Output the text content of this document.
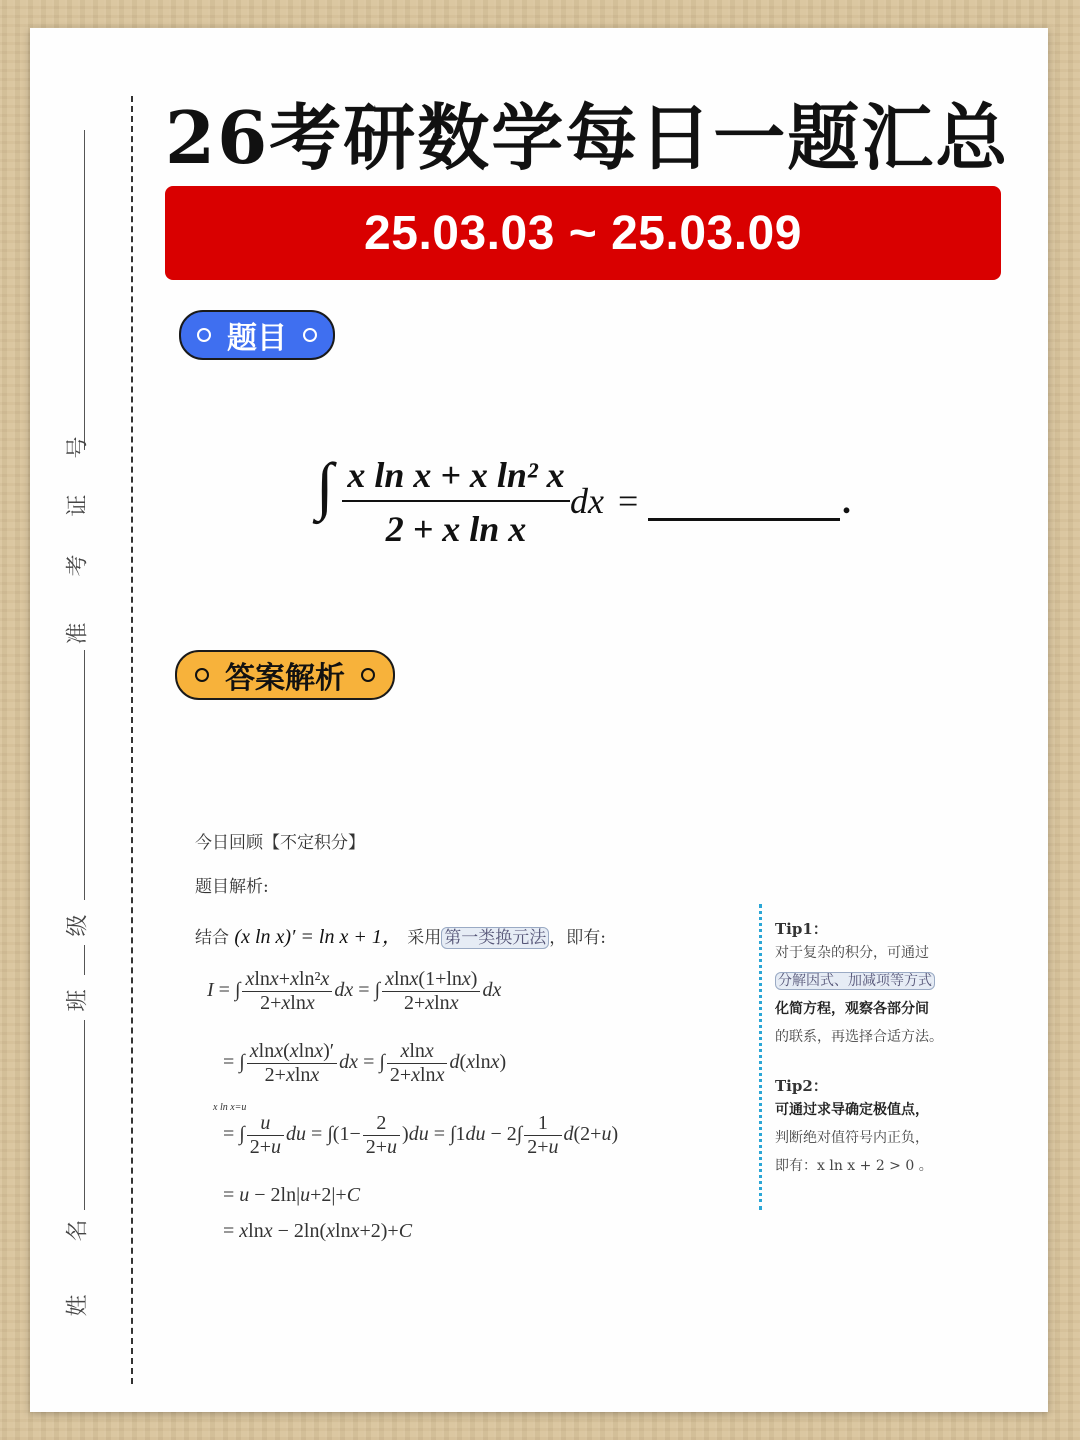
号
证
考
准
级
班
名
姓
26考研数学每日一题汇总
25.03.03 ~ 25.03.09
题目
∫ x ln x + x ln² x
2 + x ln x
dx =	.
答案解析
今日回顾【不定积分】
题目解析:
结合 (x ln x)′ = ln x + 1， 采用 第一类换元法 ，即有:
I = ∫ $\frac{\text{xlnx+xln²x}}{2+xlnx}$ dx = ∫ $\frac{xlnx(1+\ln x)}{2+xlnx}$ dx
= ∫ $\frac{xlnx(xlnx)'}{2+xlnx}$ dx = ∫ $\frac{xlnx}{2+xlnx} d(xlnx)$
x ln x=u
= ∫ $\frac{u}{2+u}$ du = $\int(1- \frac{2}{2+u} )du = \int 1du - 2\int \frac{1}{2+u} d(2+u)$
= u − 2ln|u+2|+C
= xlnx − 2ln(xlnx+2)+C
Tip1：
对于复杂的积分，可通过
分解因式、加减项等方式
化简方程，观察各部分间
的联系，再选择合适方法。
Tip2：
可通过求导确定极值点，
判断绝对值符号内正负，
即有：x ln x + 2 > 0 。
